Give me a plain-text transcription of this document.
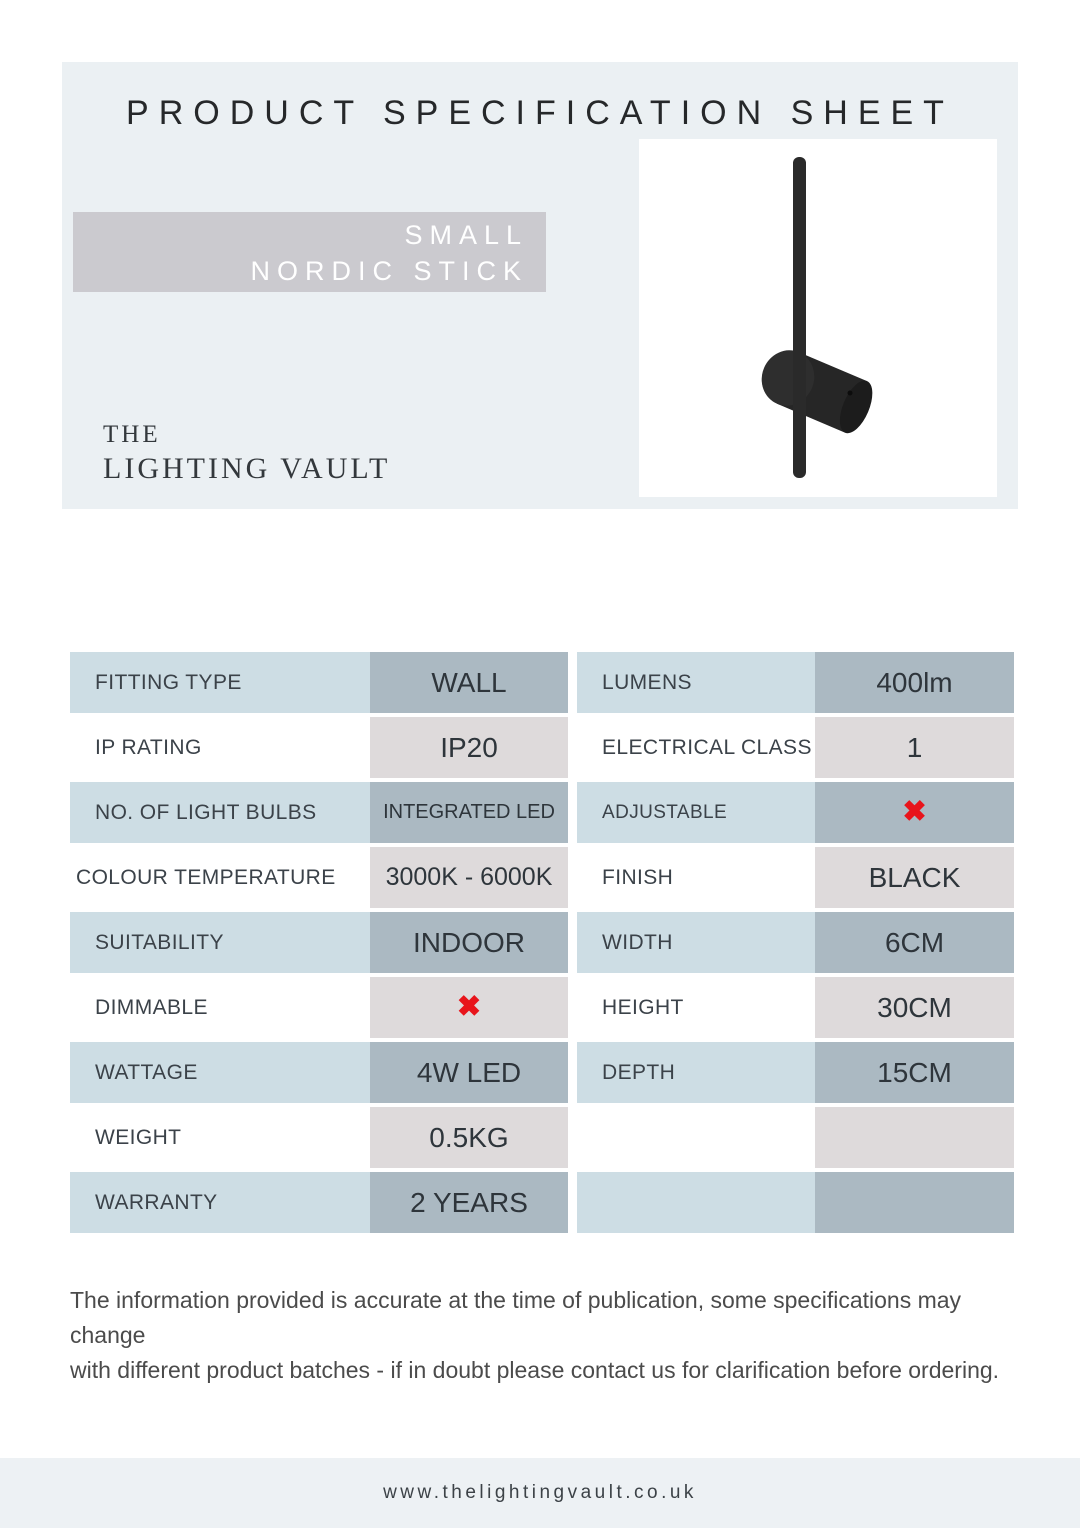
PRODUCT SPECIFICATION SHEET
SMALL
NORDIC STICK
THE
LIGHTING VAULT
FITTING TYPE	WALL
IP RATING	IP20
NO. OF LIGHT BULBS	INTEGRATED LED
COLOUR TEMPERATURE	3000K - 6000K
SUITABILITY	INDOOR
DIMMABLE	✖
WATTAGE	4W LED
WEIGHT	0.5KG
WARRANTY	2 YEARS
LUMENS	400lm
ELECTRICAL CLASS	1
ADJUSTABLE	✖
FINISH	BLACK
WIDTH	6CM
HEIGHT	30CM
DEPTH	15CM
The information provided is accurate at the time of publication, some specifications may change
with different product batches - if in doubt please contact us for clarification before ordering.
www.thelightingvault.co.uk
